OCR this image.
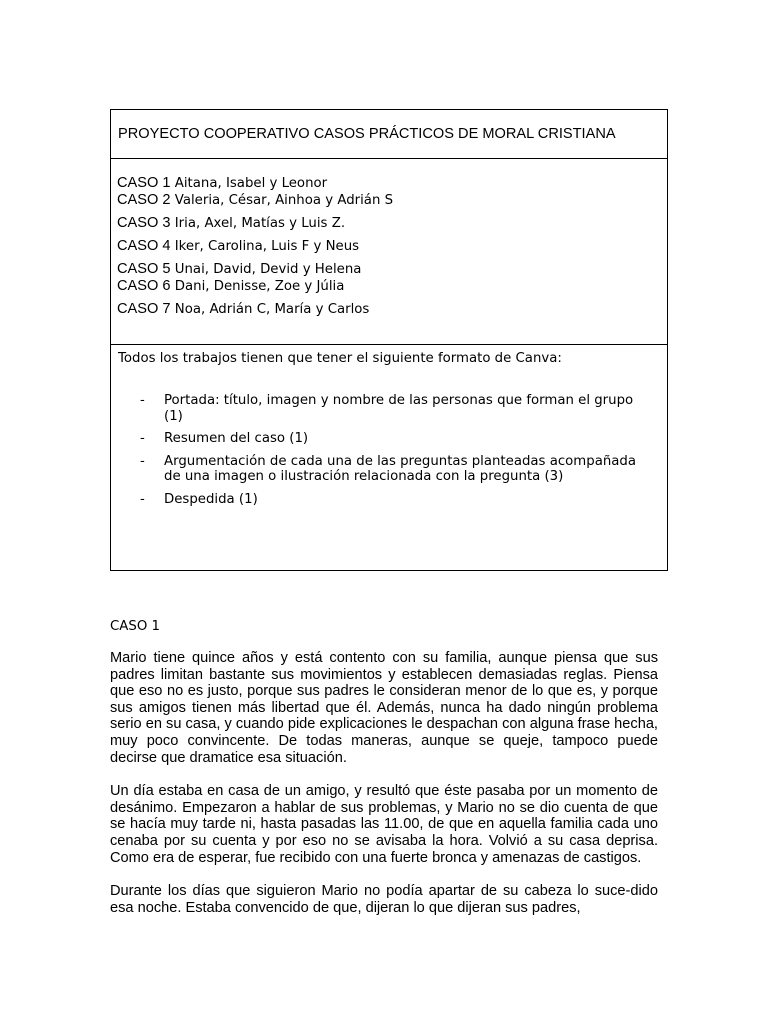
PROYECTO COOPERATIVO CASOS PRÁCTICOS DE MORAL CRISTIANA
CASO 1 Aitana, Isabel y Leonor
CASO 2 Valeria, César, Ainhoa y Adrián S
CASO 3 Iria, Axel, Matías y Luis Z.
CASO 4 Iker, Carolina, Luis F y Neus
CASO 5 Unai, David, Devid y Helena
CASO 6 Dani, Denisse, Zoe y Júlia
CASO 7 Noa, Adrián C, María y Carlos
Todos los trabajos tienen que tener el siguiente formato de Canva:
- Portada: título, imagen y nombre de las personas que forman el grupo (1)
- Resumen del caso (1)
- Argumentación de cada una de las preguntas planteadas acompañada de una imagen o ilustración relacionada con la pregunta (3)
- Despedida (1)
CASO 1

Mario tiene quince años y está contento con su familia, aunque piensa que sus padres limitan bastante sus movimientos y establecen demasiadas reglas. Piensa que eso no es justo, porque sus padres le consideran menor de lo que es, y porque sus amigos tienen más libertad que él. Además, nunca ha dado ningún problema serio en su casa, y cuando pide explicaciones le despachan con alguna frase hecha, muy poco convincente. De todas maneras, aunque se queje, tampoco puede decirse que dramatice esa situación.

Un día estaba en casa de un amigo, y resultó que éste pasaba por un momento de desánimo. Empezaron a hablar de sus problemas, y Mario no se dio cuenta de que se hacía muy tarde ni, hasta pasadas las 11.00, de que en aquella familia cada uno cenaba por su cuenta y por eso no se avisaba la hora. Volvió a su casa deprisa. Como era de esperar, fue recibido con una fuerte bronca y amenazas de castigos.

Durante los días que siguieron Mario no podía apartar de su cabeza lo suce-dido esa noche. Estaba convencido de que, dijeran lo que dijeran sus padres,
